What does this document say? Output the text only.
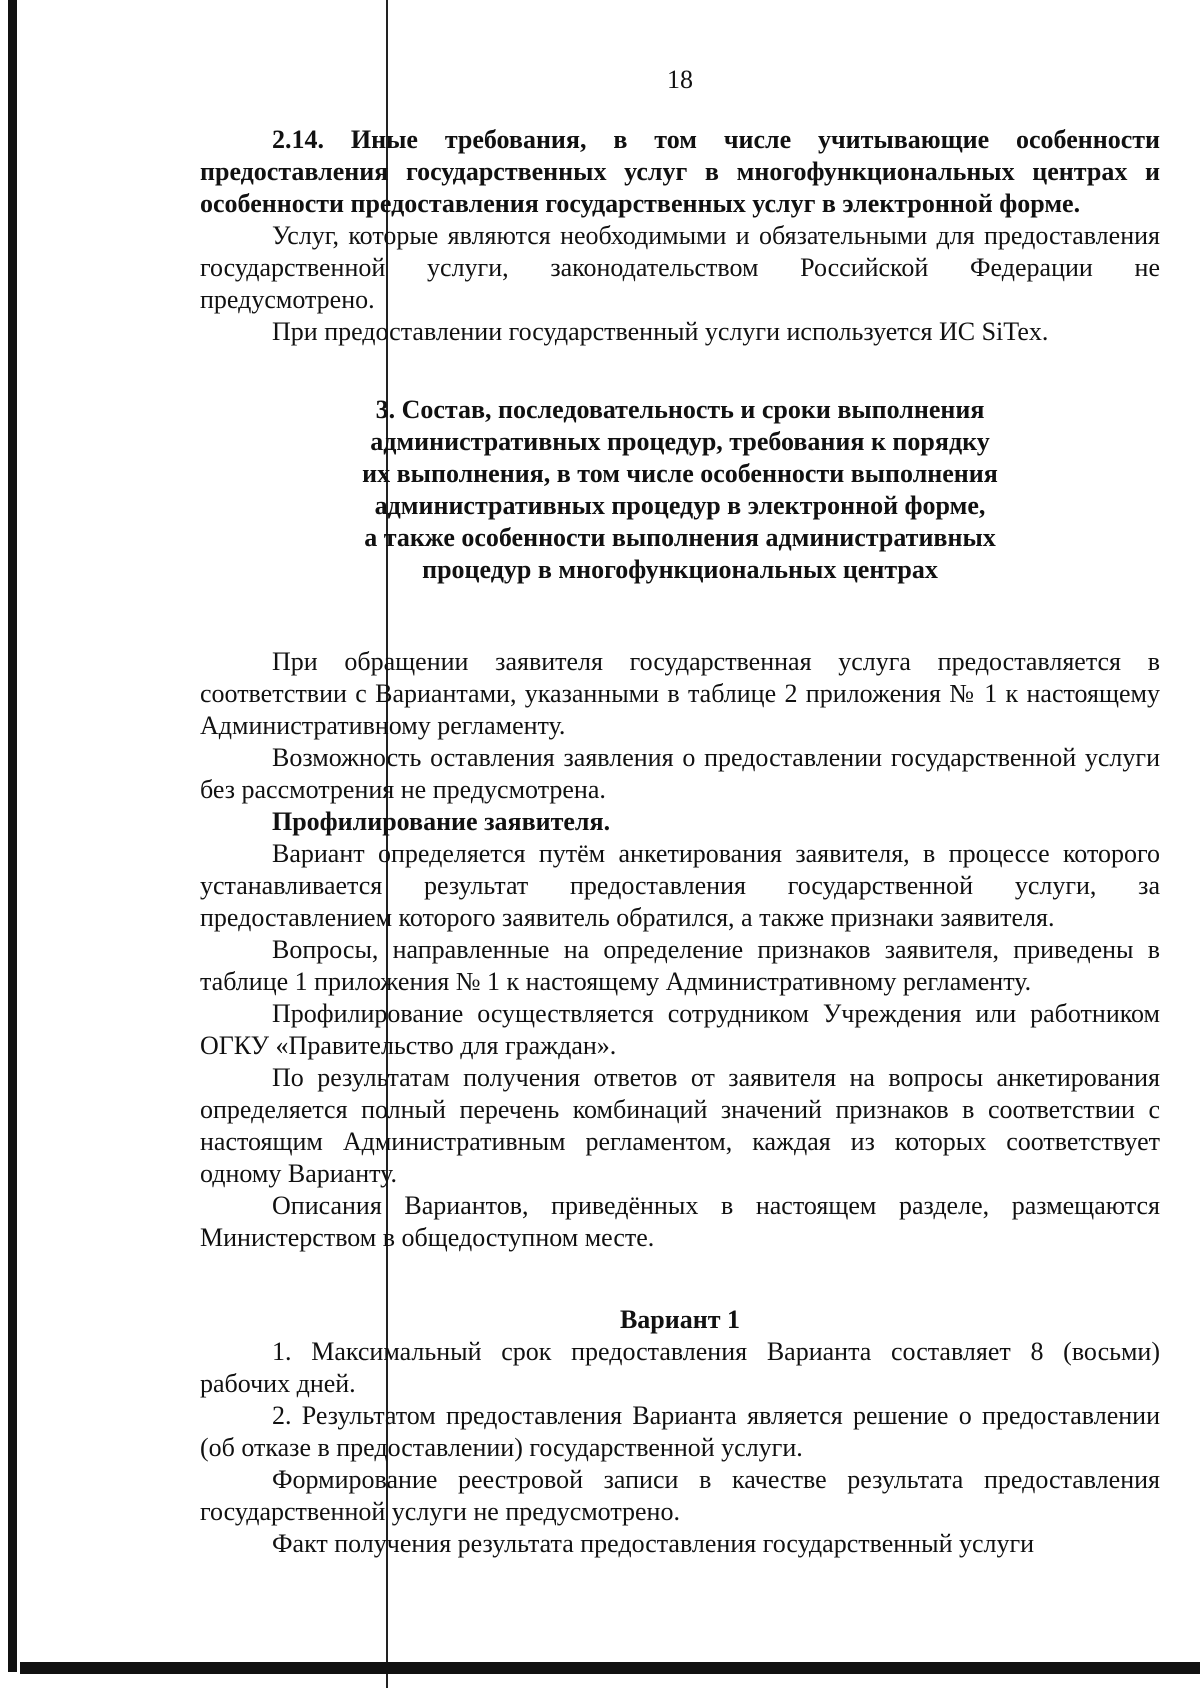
18

2.14. Иные требования, в том числе учитывающие особенности предоставления государственных услуг в многофункциональных центрах и особенности предоставления государственных услуг в электронной форме.

Услуг, которые являются необходимыми и обязательными для предоставления государственной услуги, законодательством Российской Федерации не предусмотрено.

При предоставлении государственный услуги используется ИС SiTex.

3. Состав, последовательность и сроки выполнения
административных процедур, требования к порядку
их выполнения, в том числе особенности выполнения
административных процедур в электронной форме,
а также особенности выполнения административных
процедур в многофункциональных центрах

При обращении заявителя государственная услуга предоставляется в соответствии с Вариантами, указанными в таблице 2 приложения № 1 к настоящему Административному регламенту.

Возможность оставления заявления о предоставлении государственной услуги без рассмотрения не предусмотрена.

Профилирование заявителя.

Вариант определяется путём анкетирования заявителя, в процессе которого устанавливается результат предоставления государственной услуги, за предоставлением которого заявитель обратился, а также признаки заявителя.

Вопросы, направленные на определение признаков заявителя, приведены в таблице 1 приложения № 1 к настоящему Административному регламенту.

Профилирование осуществляется сотрудником Учреждения или работником ОГКУ «Правительство для граждан».

По результатам получения ответов от заявителя на вопросы анкетирования определяется полный перечень комбинаций значений признаков в соответствии с настоящим Административным регламентом, каждая из которых соответствует одному Варианту.

Описания Вариантов, приведённых в настоящем разделе, размещаются Министерством в общедоступном месте.

Вариант 1

1. Максимальный срок предоставления Варианта составляет 8 (восьми) рабочих дней.

2. Результатом предоставления Варианта является решение о предоставлении (об отказе в предоставлении) государственной услуги.

Формирование реестровой записи в качестве результата предоставления государственной услуги не предусмотрено.

Факт получения результата предоставления государственный услуги
